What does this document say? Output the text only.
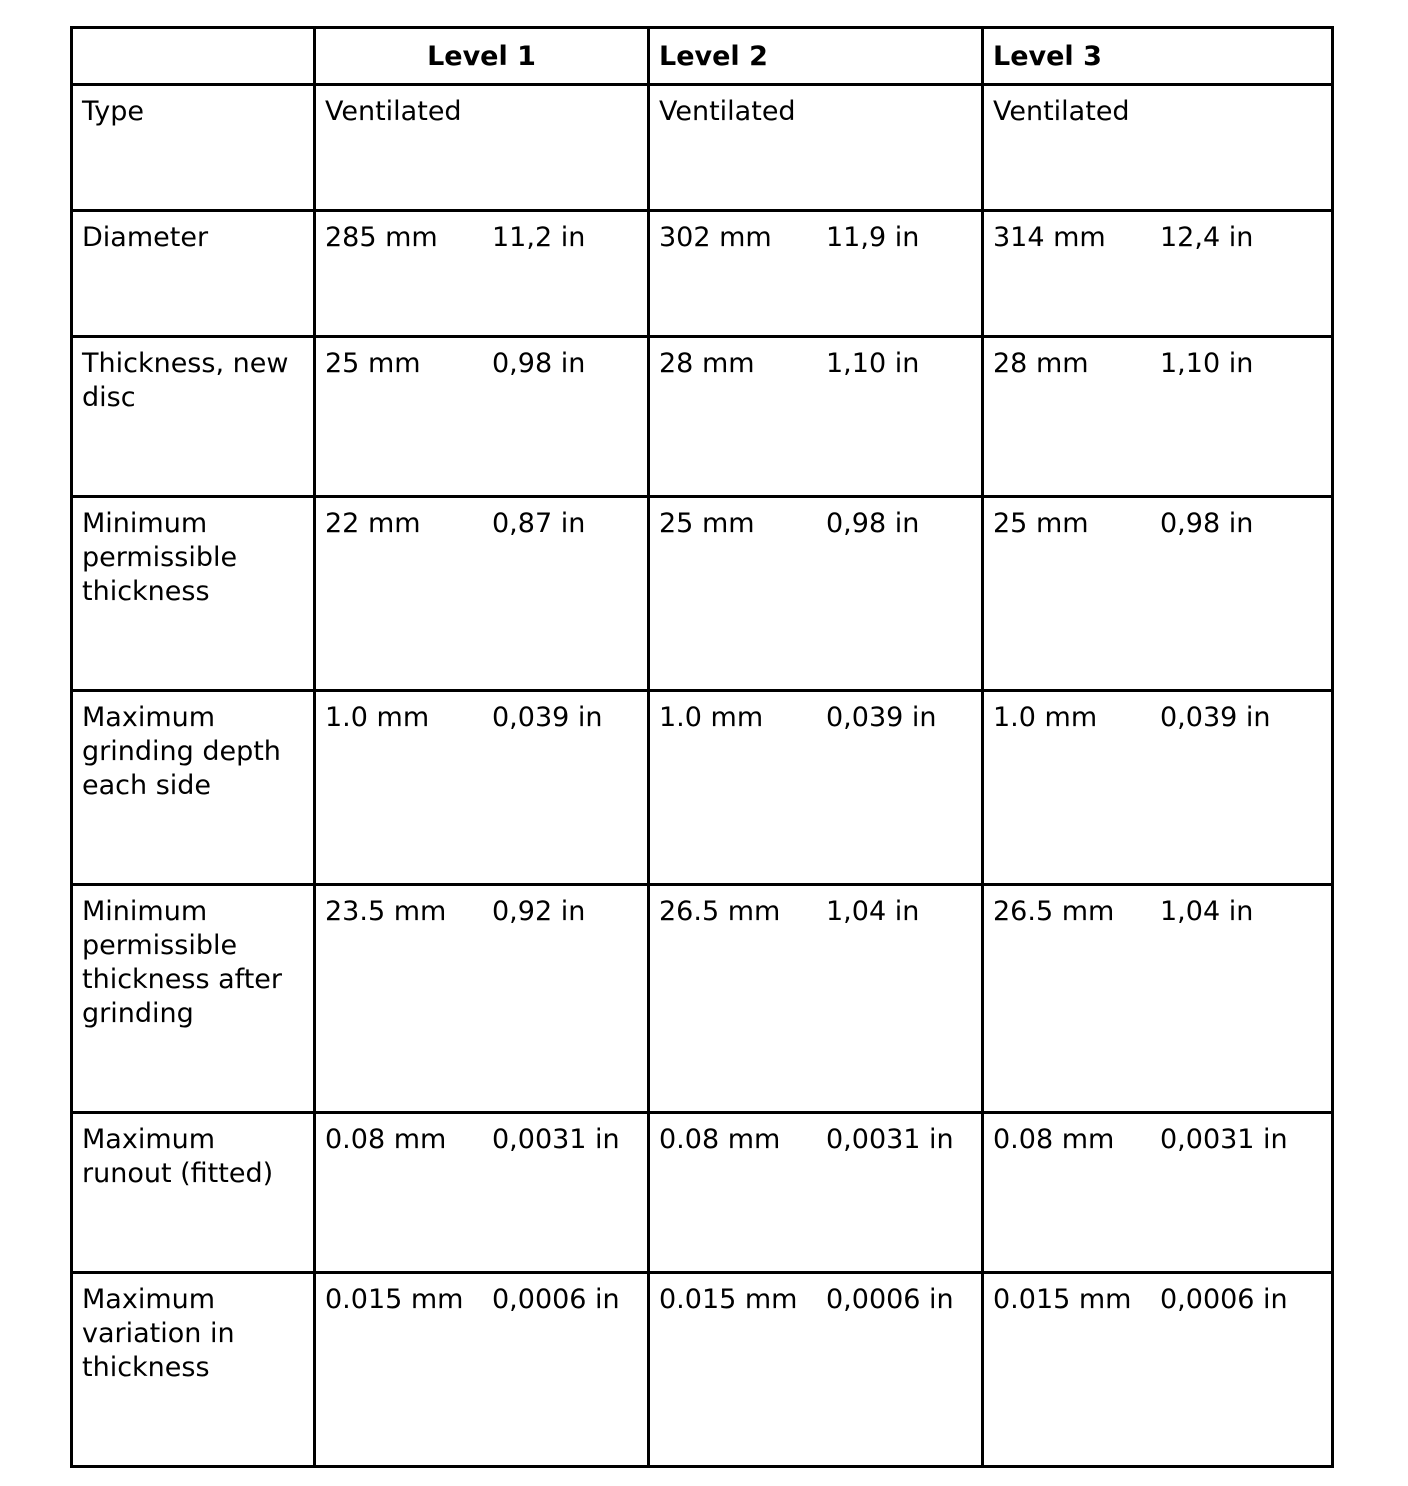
	Level 1	Level 2	Level 3
Type	Ventilated	Ventilated	Ventilated
Diameter	285 mm 11,2 in	302 mm 11,9 in	314 mm 12,4 in

Thickness, new disc	25 mm 0,98 in	28 mm 1,10 in	28 mm 1,10 in

Minimum permissible thickness	22 mm 0,87 in	25 mm 0,98 in	25 mm 0,98 in

Maximum grinding depth each side	1.0 mm 0,039 in	1.0 mm 0,039 in	1.0 mm 0,039 in

Minimum permissible thickness after grinding	23.5 mm 0,92 in	26.5 mm 1,04 in	26.5 mm 1,04 in

Maximum runout (fitted)	0.08 mm 0,0031 in	0.08 mm 0,0031 in	0.08 mm 0,0031 in

Maximum variation in thickness	0.015 mm 0,0006 in	0.015 mm 0,0006 in	0.015 mm 0,0006 in
